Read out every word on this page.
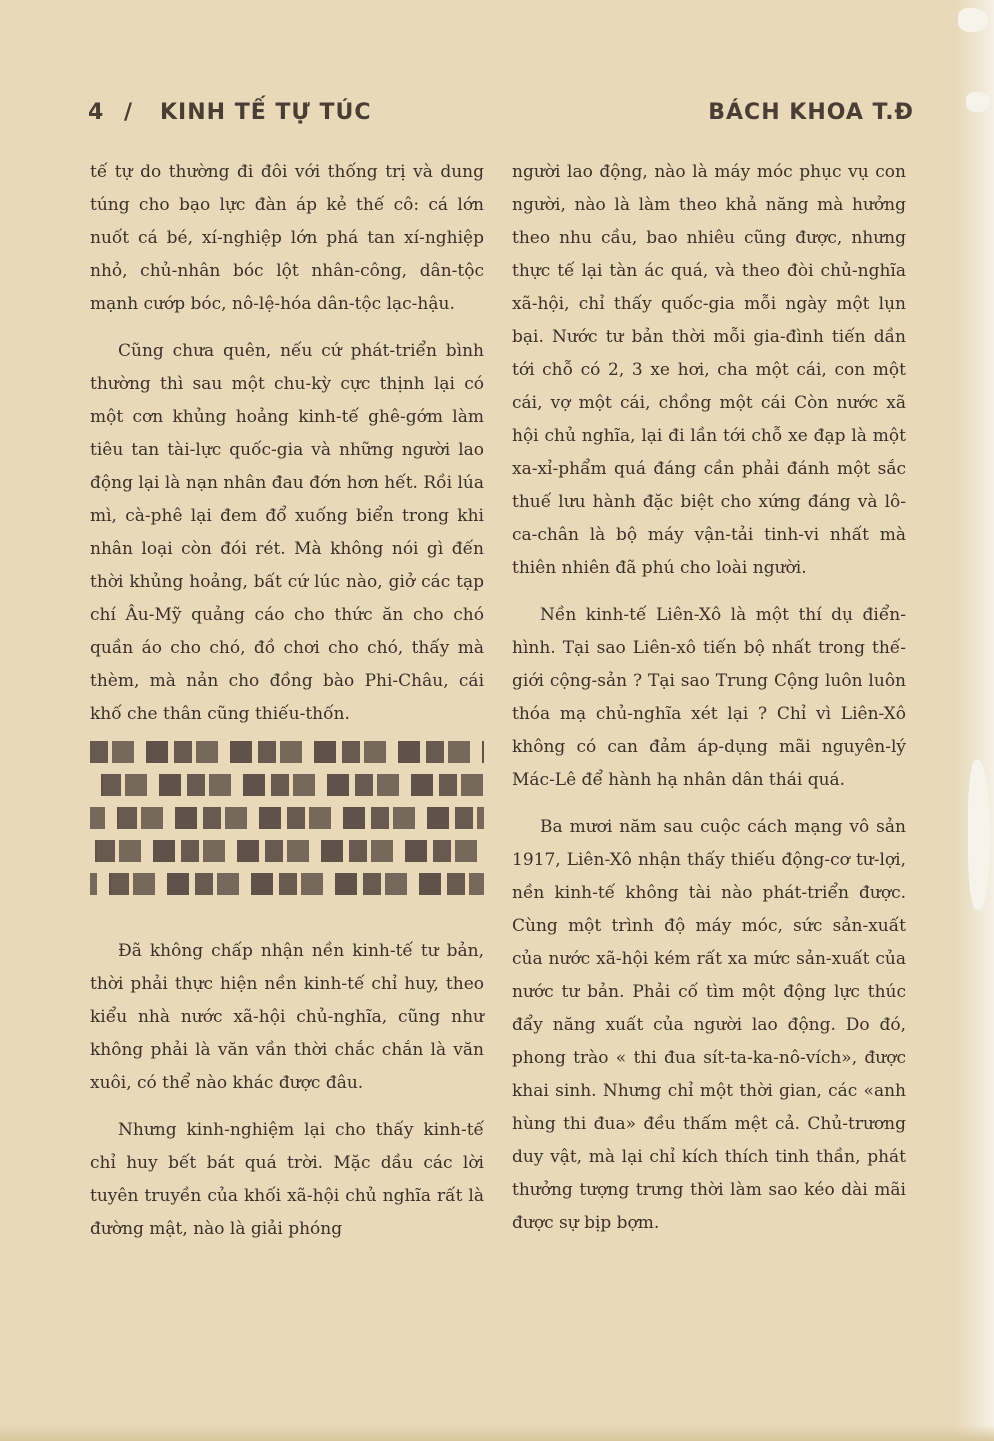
4 / KINH TẾ TỰ TÚC	BÁCH KHOA T.Đ

tế tự do thường đi đôi với thống trị và dung túng cho bạo lực đàn áp kẻ thế cô: cá lớn nuốt cá bé, xí-nghiệp lớn phá tan xí-nghiệp nhỏ, chủ-nhân bóc lột nhân-công, dân-tộc mạnh cướp bóc, nô-lệ-hóa dân-tộc lạc-hậu.

Cũng chưa quên, nếu cứ phát-triển bình thường thì sau một chu-kỳ cực thịnh lại có một cơn khủng hoảng kinh-tế ghê-gớm làm tiêu tan tài-lực quốc-gia và những người lao động lại là nạn nhân đau đớn hơn hết. Rồi lúa mì, cà-phê lại đem đổ xuống biển trong khi nhân loại còn đói rét. Mà không nói gì đến thời khủng hoảng, bất cứ lúc nào, giở các tạp chí Âu-Mỹ quảng cáo cho thức ăn cho chó quần áo cho chó, đồ chơi cho chó, thấy mà thèm, mà nản cho đồng bào Phi-Châu, cái khố che thân cũng thiếu-thốn.

Đã không chấp nhận nền kinh-tế tư bản, thời phải thực hiện nền kinh-tế chỉ huy, theo kiểu nhà nước xã-hội chủ-nghĩa, cũng như không phải là văn vần thời chắc chắn là văn xuôi, có thể nào khác được đâu.

Nhưng kinh-nghiệm lại cho thấy kinh-tế chỉ huy bết bát quá trời. Mặc dầu các lời tuyên truyền của khối xã-hội chủ nghĩa rất là đường mật, nào là giải phóng

người lao động, nào là máy móc phục vụ con người, nào là làm theo khả năng mà hưởng theo nhu cầu, bao nhiêu cũng được, nhưng thực tế lại tàn ác quá, và theo đòi chủ-nghĩa xã-hội, chỉ thấy quốc-gia mỗi ngày một lụn bại. Nước tư bản thời mỗi gia-đình tiến dần tới chỗ có 2, 3 xe hơi, cha một cái, con một cái, vợ một cái, chồng một cái Còn nước xã hội chủ nghĩa, lại đi lần tới chỗ xe đạp là một xa-xỉ-phẩm quá đáng cần phải đánh một sắc thuế lưu hành đặc biệt cho xứng đáng và lô-ca-chân là bộ máy vận-tải tinh-vi nhất mà thiên nhiên đã phú cho loài người.

Nền kinh-tế Liên-Xô là một thí dụ điển-hình. Tại sao Liên-xô tiến bộ nhất trong thế-giới cộng-sản ? Tại sao Trung Cộng luôn luôn thóa mạ chủ-nghĩa xét lại ? Chỉ vì Liên-Xô không có can đảm áp-dụng mãi nguyên-lý Mác-Lê để hành hạ nhân dân thái quá.

Ba mươi năm sau cuộc cách mạng vô sản 1917, Liên-Xô nhận thấy thiếu động-cơ tư-lợi, nền kinh-tế không tài nào phát-triển được. Cùng một trình độ máy móc, sức sản-xuất của nước xã-hội kém rất xa mức sản-xuất của nước tư bản. Phải cố tìm một động lực thúc đẩy năng xuất của người lao động. Do đó, phong trào « thi đua sít-ta-ka-nô-vích», được khai sinh. Nhưng chỉ một thời gian, các «anh hùng thi đua» đều thấm mệt cả. Chủ-trương duy vật, mà lại chỉ kích thích tinh thần, phát thưởng tượng trưng thời làm sao kéo dài mãi được sự bịp bợm.
